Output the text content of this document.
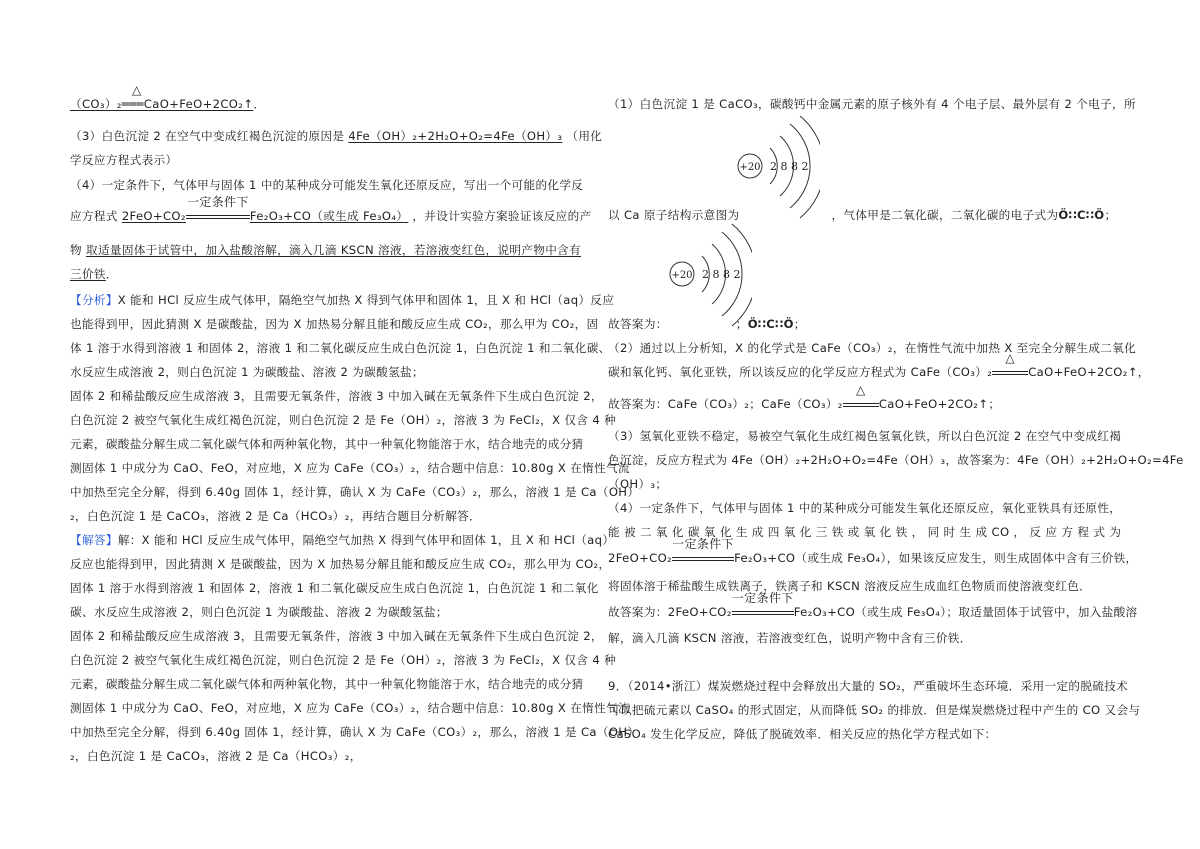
（CO₃）₂═══CaO+FeO+2CO₂↑．
△
（3）白色沉淀 2 在空气中变成红褐色沉淀的原因是 4Fe（OH）₂+2H₂O+O₂=4Fe（OH）₃ （用化
学反应方程式表示）
（4）一定条件下，气体甲与固体 1 中的某种成分可能发生氧化还原反应，写出一个可能的化学反
应方程式 2FeO+CO₂
一定条件下
Fe₂O₃+CO（或生成 Fe₃O₄） ，并设计实验方案验证该反应的产
物 取适量固体于试管中，加入盐酸溶解，滴入几滴 KSCN 溶液，若溶液变红色，说明产物中含有
三价铁．
【分析】X 能和 HCl 反应生成气体甲，隔绝空气加热 X 得到气体甲和固体 1，且 X 和 HCl（aq）反应
也能得到甲，因此猜测 X 是碳酸盐，因为 X 加热易分解且能和酸反应生成 CO₂，那么甲为 CO₂，固
体 1 溶于水得到溶液 1 和固体 2，溶液 1 和二氧化碳反应生成白色沉淀 1，白色沉淀 1 和二氧化碳、
水反应生成溶液 2，则白色沉淀 1 为碳酸盐、溶液 2 为碳酸氢盐；
固体 2 和稀盐酸反应生成溶液 3，且需要无氧条件，溶液 3 中加入碱在无氧条件下生成白色沉淀 2，
白色沉淀 2 被空气氧化生成红褐色沉淀，则白色沉淀 2 是 Fe（OH）₂，溶液 3 为 FeCl₂，X 仅含 4 种
元素，碳酸盐分解生成二氧化碳气体和两种氧化物，其中一种氧化物能溶于水，结合地壳的成分猜
测固体 1 中成分为 CaO、FeO，对应地，X 应为 CaFe（CO₃）₂，结合题中信息：10.80g X 在惰性气流
中加热至完全分解，得到 6.40g 固体 1，经计算，确认 X 为 CaFe（CO₃）₂，那么，溶液 1 是 Ca（OH）
₂，白色沉淀 1 是 CaCO₃，溶液 2 是 Ca（HCO₃）₂，再结合题目分析解答．
【解答】解：X 能和 HCl 反应生成气体甲，隔绝空气加热 X 得到气体甲和固体 1，且 X 和 HCl（aq）
反应也能得到甲，因此猜测 X 是碳酸盐，因为 X 加热易分解且能和酸反应生成 CO₂，那么甲为 CO₂，
固体 1 溶于水得到溶液 1 和固体 2，溶液 1 和二氧化碳反应生成白色沉淀 1，白色沉淀 1 和二氧化
碳、水反应生成溶液 2，则白色沉淀 1 为碳酸盐、溶液 2 为碳酸氢盐；
固体 2 和稀盐酸反应生成溶液 3，且需要无氧条件，溶液 3 中加入碱在无氧条件下生成白色沉淀 2，
白色沉淀 2 被空气氧化生成红褐色沉淀，则白色沉淀 2 是 Fe（OH）₂，溶液 3 为 FeCl₂，X 仅含 4 种
元素，碳酸盐分解生成二氧化碳气体和两种氧化物，其中一种氧化物能溶于水，结合地壳的成分猜
测固体 1 中成分为 CaO、FeO，对应地，X 应为 CaFe（CO₃）₂，结合题中信息：10.80g X 在惰性气流
中加热至完全分解，得到 6.40g 固体 1，经计算，确认 X 为 CaFe（CO₃）₂，那么，溶液 1 是 Ca（OH）
₂，白色沉淀 1 是 CaCO₃，溶液 2 是 Ca（HCO₃）₂，
（1）白色沉淀 1 是 CaCO₃，碳酸钙中金属元素的原子核外有 4 个电子层、最外层有 2 个电子，所
+20 2 8 8 2
以 Ca 原子结构示意图为	，气体甲是二氧化碳，二氧化碳的电子式为Ö∷C∷Ö；
+20 2 8 8 2
故答案为：	；Ö∷C∷Ö；
（2）通过以上分析知，X 的化学式是 CaFe（CO₃）₂，在惰性气流中加热 X 至完全分解生成二氧化
碳和氧化钙、氧化亚铁，所以该反应的化学反应方程式为 CaFe（CO₃）₂
△
CaO+FeO+2CO₂↑，
故答案为：CaFe（CO₃）₂；CaFe（CO₃）₂
△
CaO+FeO+2CO₂↑；
（3）氢氧化亚铁不稳定，易被空气氧化生成红褐色氢氧化铁，所以白色沉淀 2 在空气中变成红褐
色沉淀，反应方程式为 4Fe（OH）₂+2H₂O+O₂=4Fe（OH）₃，故答案为：4Fe（OH）₂+2H₂O+O₂=4Fe
（OH）₃；
（4）一定条件下，气体甲与固体 1 中的某种成分可能发生氧化还原反应，氧化亚铁具有还原性，
能 被 二 氧 化 碳 氧 化 生 成 四 氧 化 三 铁 或 氧 化 铁 ， 同 时 生 成 CO ， 反 应 方 程 式 为
2FeO+CO₂
一定条件下
Fe₂O₃+CO（或生成 Fe₃O₄），如果该反应发生，则生成固体中含有三价铁，
将固体溶于稀盐酸生成铁离子，铁离子和 KSCN 溶液反应生成血红色物质而使溶液变红色．
故答案为：2FeO+CO₂
一定条件下
Fe₂O₃+CO（或生成 Fe₃O₄）；取适量固体于试管中，加入盐酸溶
解，滴入几滴 KSCN 溶液，若溶液变红色，说明产物中含有三价铁．
9．（2014•浙江）煤炭燃烧过程中会释放出大量的 SO₂，严重破坏生态环境．采用一定的脱硫技术
可以把硫元素以 CaSO₄ 的形式固定，从而降低 SO₂ 的排放．但是煤炭燃烧过程中产生的 CO 又会与
CaSO₄ 发生化学反应，降低了脱硫效率．相关反应的热化学方程式如下：
